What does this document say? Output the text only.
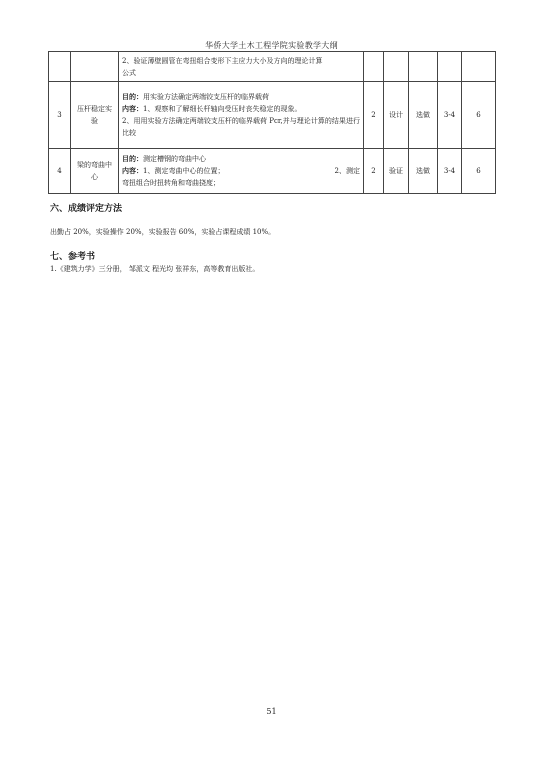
华侨大学土木工程学院实验教学大纲

		2、验证薄壁圆管在弯扭组合变形下主应力大小及方向的理论计算
公式					

3	压杆稳定实验	目的：用实验方法确定两端铰支压杆的临界载荷
内容：1、观察和了解细长杆轴向受压时丧失稳定的现象。
2、用用实验方法确定两端铰支压杆的临界载荷 Pcr,并与理论计算的结果进行比较	2	设计	选做	3-4	6
4	梁的弯曲中心	目的：测定槽钢的弯曲中心
内容：1、测定弯曲中心的位置； 2、测定
弯扭组合时扭转角和弯曲挠度；	2	验证	选做	3-4	6
六、成绩评定方法
出勤占 20%，实验操作 20%，实验报告 60%，实验占课程成绩 10%。
七、参考书
1.《建筑力学》三分册， 邹派文 程光均 张祥东，高等教育出版社。
51
